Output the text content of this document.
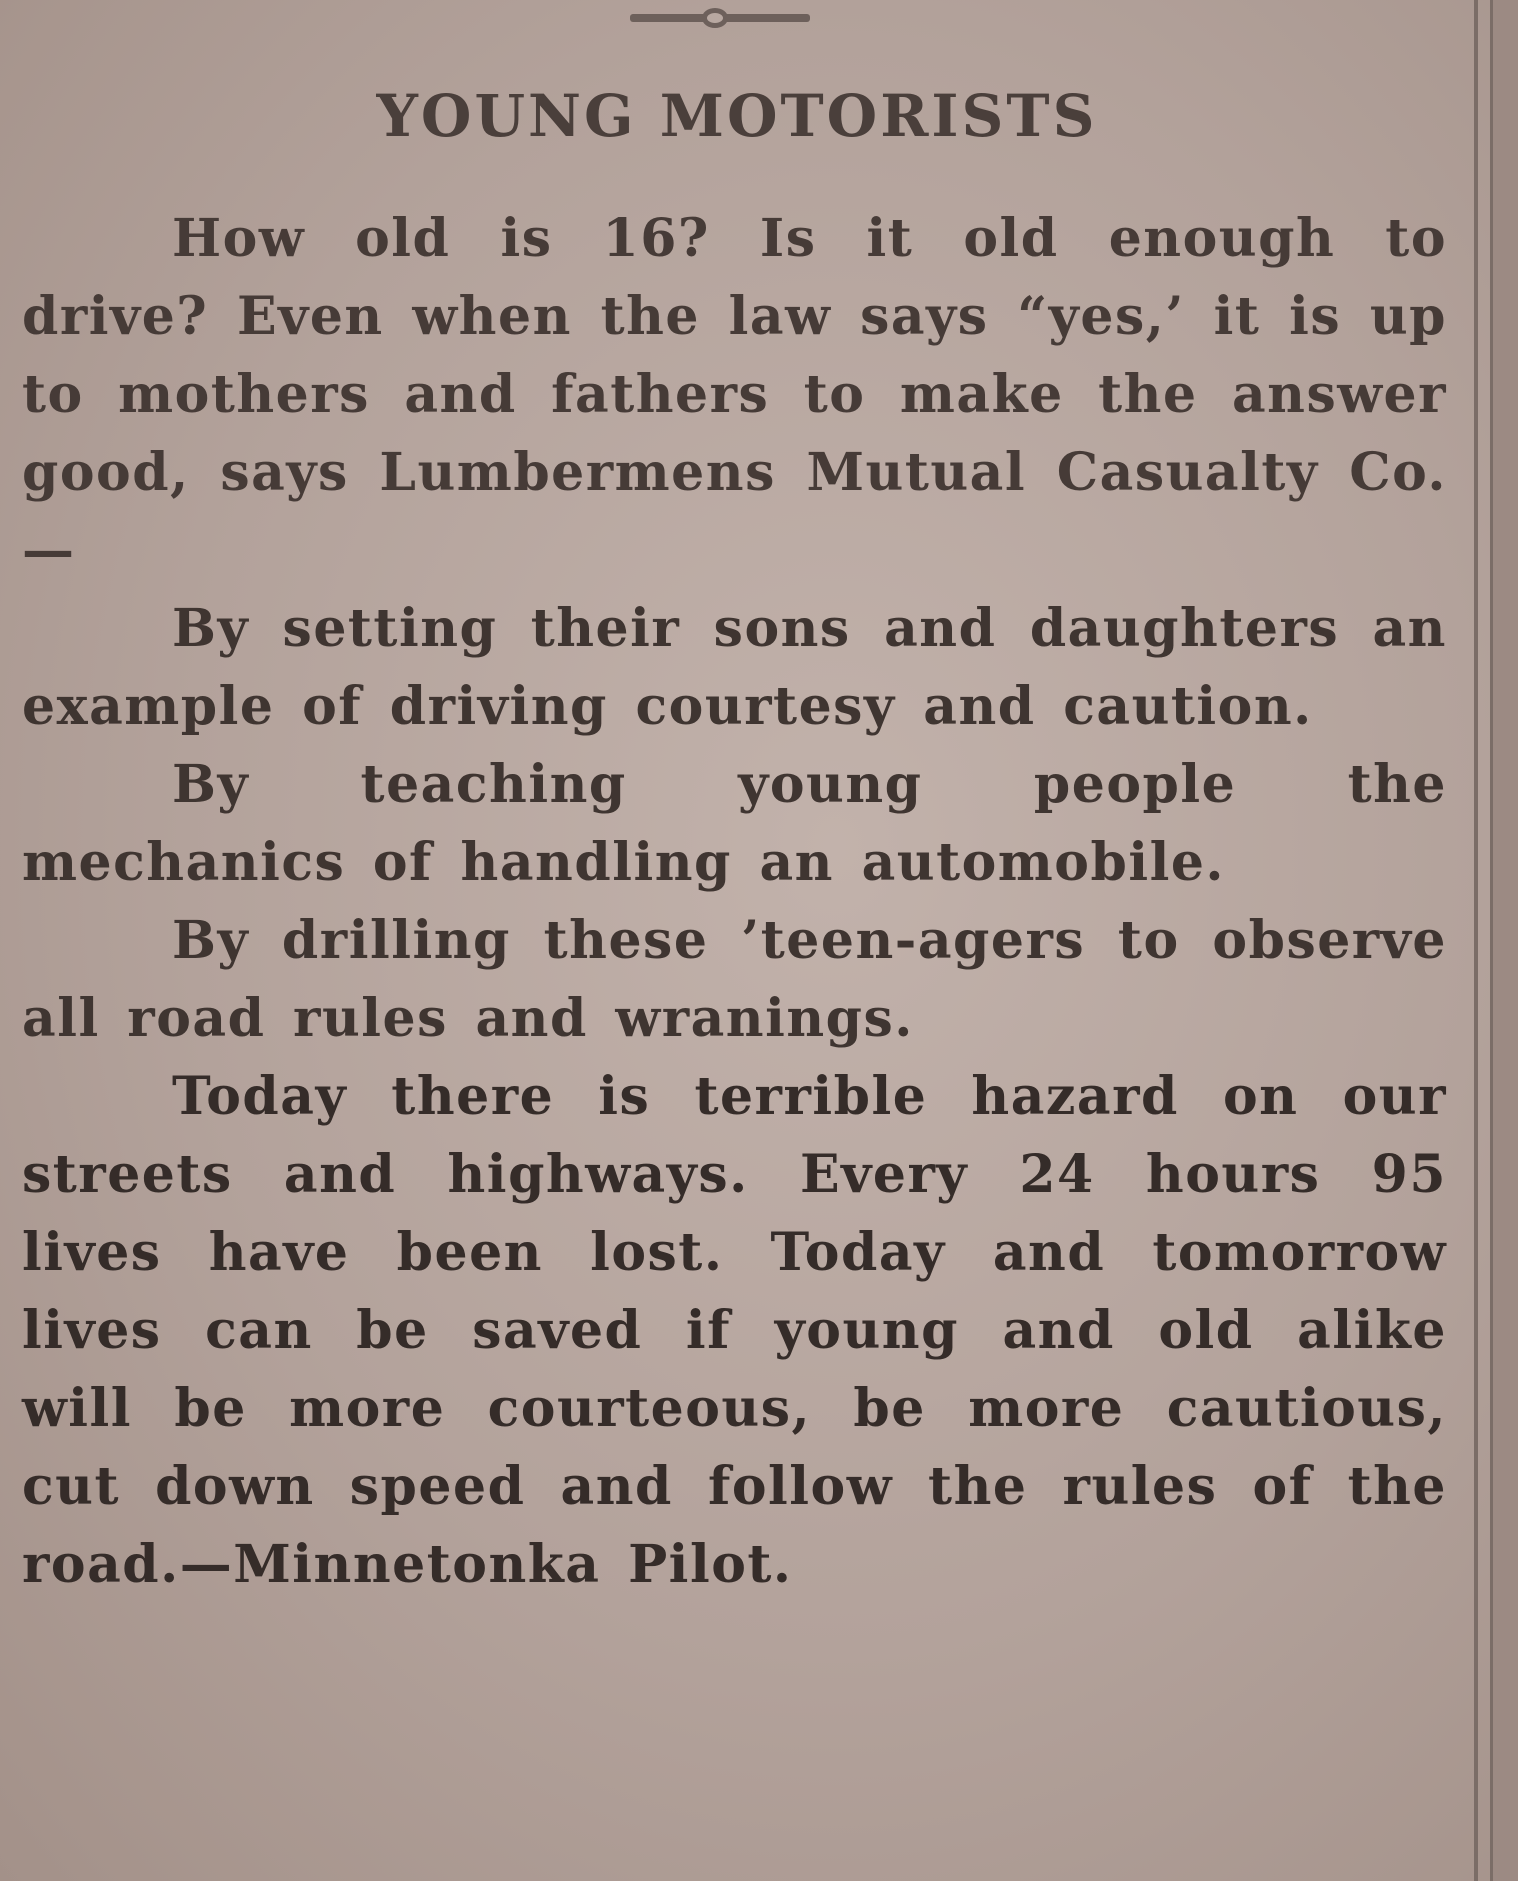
YOUNG MOTORISTS

How old is 16? Is it old enough to drive? Even when the law says “yes,’ it is up to mothers and fathers to make the answer good, says Lumbermens Mutual Casualty Co.—

By setting their sons and daughters an example of driving courtesy and caution.

By teaching young people the mechanics of handling an automobile.

By drilling these ’teen-agers to observe all road rules and wranings.

Today there is terrible hazard on our streets and highways. Every 24 hours 95 lives have been lost. Today and tomorrow lives can be saved if young and old alike will be more courteous, be more cautious, cut down speed and follow the rules of the road.—Minnetonka Pilot.
